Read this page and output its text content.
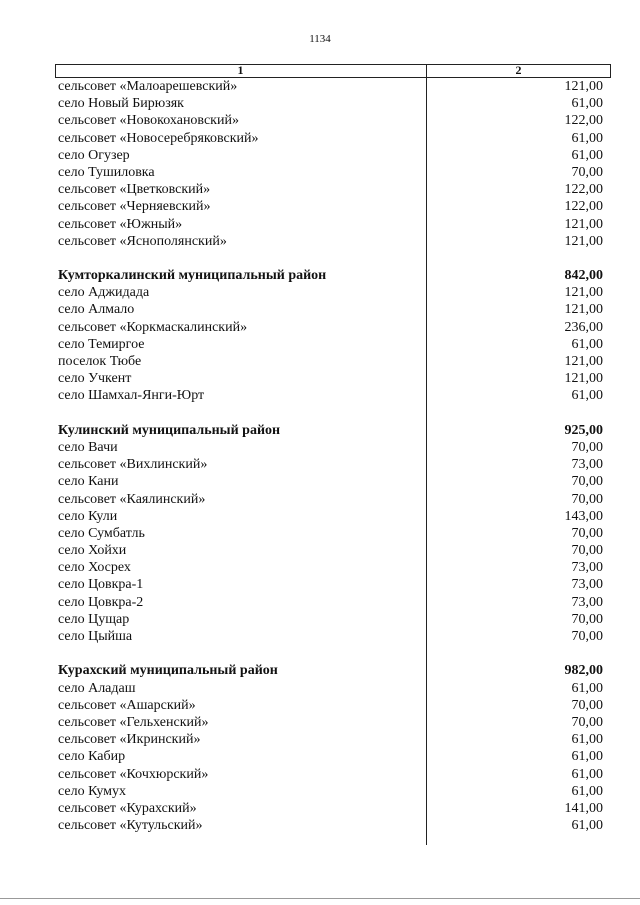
1134
1	2
сельсовет «Малоарешевский»	121,00
село Новый Бирюзяк	61,00
сельсовет «Новокохановский»	122,00
сельсовет «Новосеребряковский»	61,00
село Огузер	61,00
село Тушиловка	70,00
сельсовет «Цветковский»	122,00
сельсовет «Черняевский»	122,00
сельсовет «Южный»	121,00
сельсовет «Яснополянский»	121,00
Кумторкалинский муниципальный район	842,00
село Аджидада	121,00
село Алмало	121,00
сельсовет «Коркмаскалинский»	236,00
село Темиргое	61,00
поселок Тюбе	121,00
село Учкент	121,00
село Шамхал-Янги-Юрт	61,00
Кулинский муниципальный район	925,00
село Вачи	70,00
сельсовет «Вихлинский»	73,00
село Кани	70,00
сельсовет «Каялинский»	70,00
село Кули	143,00
село Сумбатль	70,00
село Хойхи	70,00
село Хосрех	73,00
село Цовкра-1	73,00
село Цовкра-2	73,00
село Цущар	70,00
село Цыйша	70,00
Курахский муниципальный район	982,00
село Аладаш	61,00
сельсовет «Ашарский»	70,00
сельсовет «Гельхенский»	70,00
сельсовет «Икринский»	61,00
село Кабир	61,00
сельсовет «Кочхюрский»	61,00
село Кумух	61,00
сельсовет «Курахский»	141,00
сельсовет «Кутульский»	61,00
